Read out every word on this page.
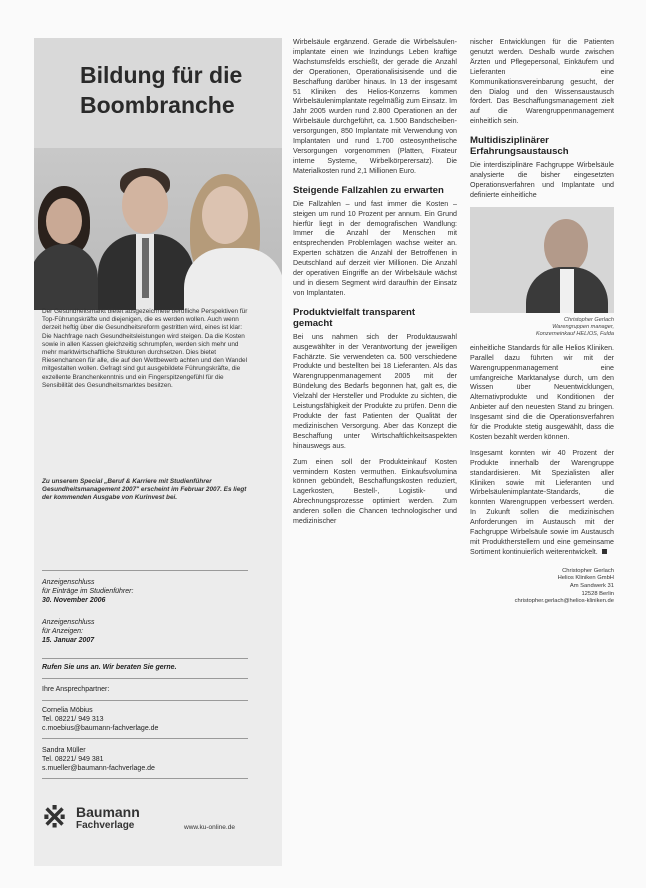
Bildung für die
Boombranche

Der Gesundheitsmarkt bietet ausgezeichnete berufliche Perspektiven für Top-Führungskräfte und diejenigen, die es werden wollen. Auch wenn derzeit heftig über die Gesundheitsreform gestritten wird, eines ist klar: Die Nachfrage nach Gesundheitsleistungen wird steigen. Da die Kosten sowie in allen Kassen gleichzeitig schrumpfen, werden sich mehr und mehr marktwirtschaftliche Strukturen durchsetzen. Dies bietet Riesenchancen für alle, die auf den Wettbewerb achten und den Wandel mitgestalten wollen. Gefragt sind gut ausgebildete Führungskräfte, die exzellente Branchenkenntnis und ein Fingerspitzengefühl für die Sensibilität des Gesundheitsmarktes besitzen.

Zu unserem Special „Beruf & Karriere mit Studienführer Gesundheitsmanagement 2007" erscheint im Februar 2007. Es liegt der kommenden Ausgabe von Kurinvest bei.

Anzeigenschluss
für Einträge im Studienführer:
30. November 2006
Anzeigenschluss
für Anzeigen:
15. Januar 2007
Rufen Sie uns an. Wir beraten Sie gerne.
Ihre Ansprechpartner:
Cornelia Möbius
Tel. 08221/ 949 313
c.moebius@baumann-fachverlage.de
Sandra Müller
Tel. 08221/ 949 381
s.mueller@baumann-fachverlage.de
※ Baumann
Fachverlage	www.ku-online.de

Wirbelsäule ergänzend. Gerade die Wirbelsäulen-implantate einen wie Inzindungs Leben kraftige Wachstumsfelds erschießt, der gerade die Anzahl der Operationen, Operationalisisisende und die Beschaffung darüber hinaus. In 13 der insgesamt 51 Kliniken des Helios-Konzerns kommen Wirbelsäulenimplantate regelmäßig zum Einsatz. Im Jahr 2005 wurden rund 2.800 Operationen an der Wirbelsäule durchgeführt, ca. 1.500 Bandscheiben-versorgungen, 850 Implantate mit Verwendung von Implantaten und rund 1.700 osteosynthetische Versorgungen vorgenommen (Platten, Fixateur interne Systeme, Wirbelkörperersatz). Die Materialkosten rund 2,1 Millionen Euro.

Steigende Fallzahlen zu erwarten

Die Fallzahlen – und fast immer die Kosten – steigen um rund 10 Prozent per annum. Ein Grund hierfür liegt in der demografischen Wandlung: Immer die Anzahl der Menschen mit entsprechenden Problemlagen wachse weiter an. Experten schätzen die Anzahl der Betroffenen in Deutschland auf derzeit vier Millionen. Die Anzahl der operativen Eingriffe an der Wirbelsäule wächst und in diesem Segment wird daraufhin der Einsatz von Implantaten.

Produktvielfalt transparent gemacht

Bei uns nahmen sich der Produktauswahl ausgewählter in der Verantwortung der jeweiligen Fachärzte. Sie verwendeten ca. 500 verschiedene Produkte und bestellten bei 18 Lieferanten. Als das Warengruppenmanagement 2005 mit der Bündelung des Bedarfs begonnen hat, galt es, die Vielzahl der Hersteller und Produkte zu sichten, die Leistungsfähigkeit der Produkte zu prüfen. Denn die Produkte der fast Patienten der Qualität der medizinischen Versorgung. Aber das Konzept die Beschaffung unter Wirtschaftlichkeitsaspekten hinauswegs aus.

Zum einen soll der Produkteinkauf Kosten vermindern Kosten vermuthen. Einkaufsvolumina können gebündelt, Beschaffungskosten reduziert, Lagerkosten, Bestell-, Logistik- und Abrechnungsprozesse optimiert werden. Zum anderen sollen die Chancen technologischer und medizinischer

nischer Entwicklungen für die Patienten genutzt werden. Deshalb wurde zwischen Ärzten und Pflegepersonal, Einkäufern und Lieferanten eine Kommunikationsvereinbarung gesucht, der den Dialog und den Wissensaustausch fördert. Das Beschaffungsmanagement zielt auf die Warengruppenmanagement einheitlich sein.

Multidisziplinärer Erfahrungsaustausch

Die interdisziplinäre Fachgruppe Wirbelsäule analysierte die bisher eingesetzten Operationsverfahren und Implantate und definierte einheitliche

Christopher Gerlach
Warengruppen manager,
Konzerneinkauf HELIOS, Fulda

einheitliche Standards für alle Helios Kliniken. Parallel dazu führten wir mit der Warengruppenmanagement eine umfangreiche Marktanalyse durch, um den Wissen über Neuentwicklungen, Alternativprodukte und Konditionen der Anbieter auf den neuesten Stand zu bringen. Insgesamt sind die die Operationsverfahren für die Produkte stetig ausgewählt, dass die Kosten bezahlt werden können.

Insgesamt konnten wir 40 Prozent der Produkte innerhalb der Warengruppe standardisieren. Mit Spezialisten aller Kliniken sowie mit Lieferanten und Wirbelsäulenimplantate-Standards, die konnten Warengruppen verbessert werden. In Zukunft sollen die medizinischen Anforderungen im Austausch mit der Fachgruppe Wirbelsäule sowie im Austausch mit Produktherstellern und eine gemeinsame Sortiment kontinuierlich weiterentwickelt.

Christopher Gerlach
Helios Kliniken GmbH
Am Sandwerk 31
12528 Berlin
christopher.gerlach@helios-kliniken.de
